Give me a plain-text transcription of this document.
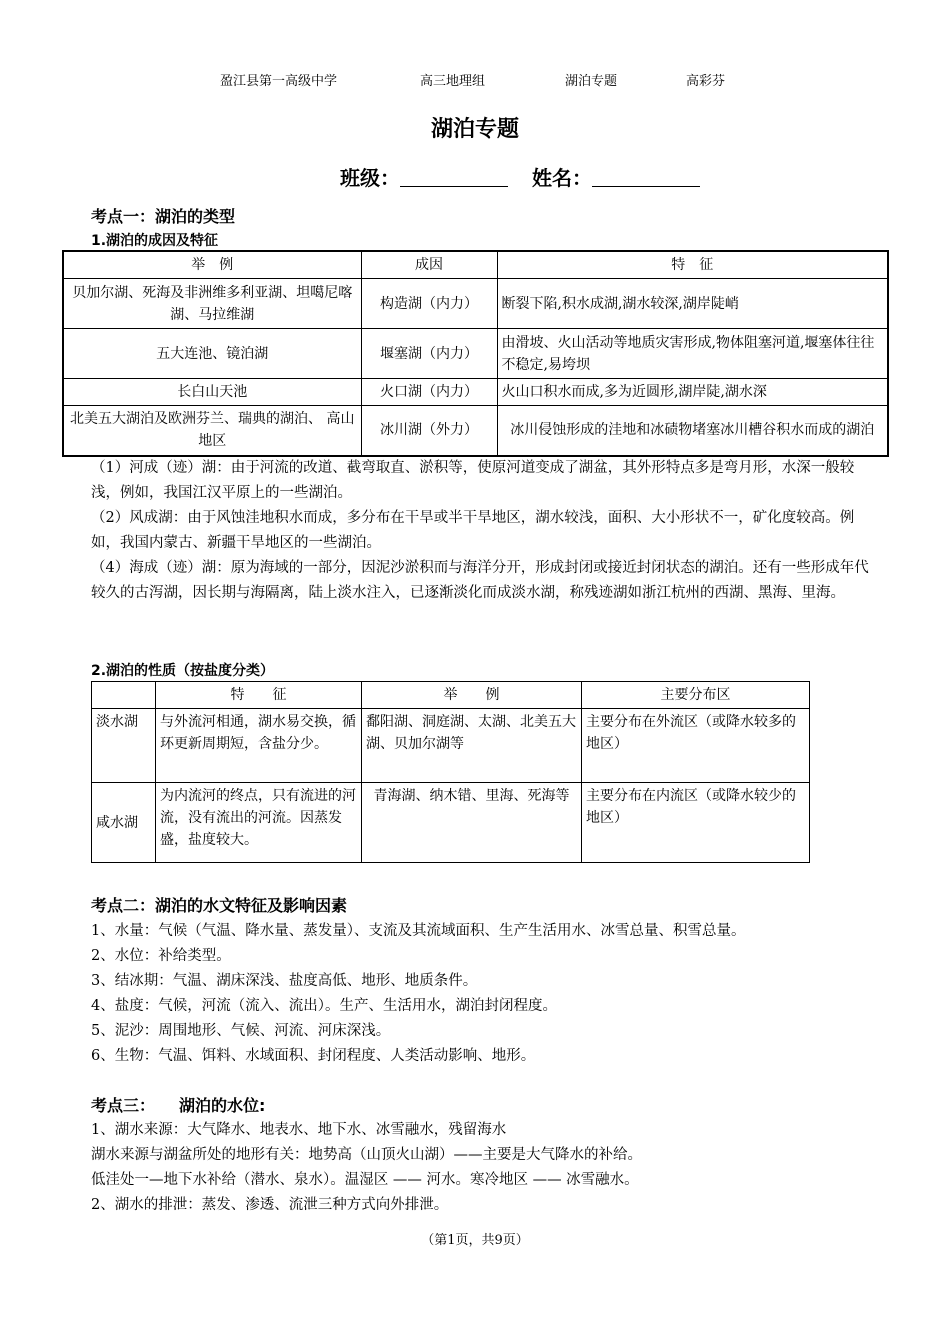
盈江县第一高级中学	高三地理组	湖泊专题	高彩芬
湖泊专题
班级：	姓名：
考点一：湖泊的类型
1.湖泊的成因及特征
举　例	成因	特　征
贝加尔湖、死海及非洲维多利亚湖、坦噶尼喀湖、马拉维湖	构造湖（内力）	断裂下陷,积水成湖,湖水较深,湖岸陡峭
五大连池、镜泊湖	堰塞湖（内力）	由滑坡、火山活动等地质灾害形成,物体阻塞河道,堰塞体往往不稳定,易垮坝
长白山天池	火口湖（内力）	火山口积水而成,多为近圆形,湖岸陡,湖水深
北美五大湖泊及欧洲芬兰、瑞典的湖泊、 高山地区	冰川湖（外力）	冰川侵蚀形成的洼地和冰碛物堵塞冰川槽谷积水而成的湖泊
（1）河成（迹）湖：由于河流的改道、截弯取直、淤积等，使原河道变成了湖盆，其外形特点多是弯月形，水深一般较浅，例如，我国江汉平原上的一些湖泊。
（2）风成湖：由于风蚀洼地积水而成，多分布在干旱或半干旱地区，湖水较浅，面积、大小形状不一，矿化度较高。例如，我国内蒙古、新疆干旱地区的一些湖泊。
（4）海成（迹）湖：原为海域的一部分，因泥沙淤积而与海洋分开，形成封闭或接近封闭状态的湖泊。还有一些形成年代较久的古泻湖，因长期与海隔离，陆上淡水注入，已逐渐淡化而成淡水湖，称残迹湖如浙江杭州的西湖、黑海、里海。
2.湖泊的性质（按盐度分类）
	特　　征	举　　例	主要分布区
淡水湖	与外流河相通，湖水易交换，循环更新周期短，含盐分少。	鄱阳湖、洞庭湖、太湖、北美五大湖、贝加尔湖等	主要分布在外流区（或降水较多的地区）
咸水湖	为内流河的终点，只有流进的河流，没有流出的河流。因蒸发盛，盐度较大。	青海湖、纳木错、里海、死海等	主要分布在内流区（或降水较少的地区）
考点二：湖泊的水文特征及影响因素
1、水量：气候（气温、降水量、蒸发量）、支流及其流域面积、生产生活用水、冰雪总量、积雪总量。
2、水位：补给类型。
3、结冰期：气温、湖床深浅、盐度高低、地形、地质条件。
4、盐度：气候，河流（流入、流出）。生产、生活用水，湖泊封闭程度。
5、泥沙：周围地形、气候、河流、河床深浅。
6、生物：气温、饵料、水域面积、封闭程度、人类活动影响、地形。
考点三：　　湖泊的水位:
1、湖水来源：大气降水、地表水、地下水、冰雪融水，残留海水
湖水来源与湖盆所处的地形有关：地势高（山顶火山湖）——主要是大气降水的补给。
低洼处一—地下水补给（潜水、泉水）。温湿区 —— 河水。寒冷地区 —— 冰雪融水。
2、湖水的排泄：蒸发、渗透、流泄三种方式向外排泄。
（第1页，共9页）
